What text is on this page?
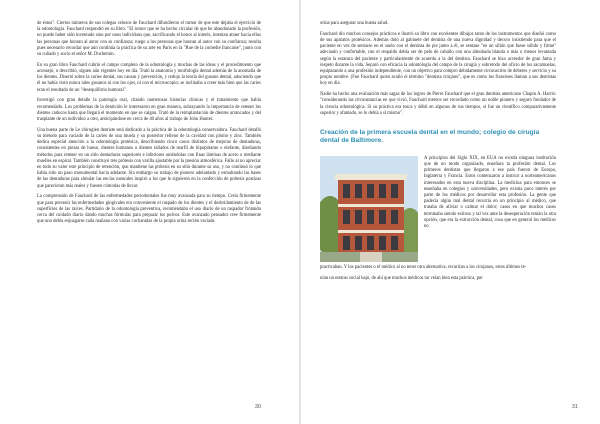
de éstos". Ciertos números de sus colegas celosos de Fauchard difundieron el rumor de que este dejaba el ejercicio de la odontología. Fauchard respondió en su libro. "El rumor que se ha hecho circular de que he abandonado la profesión, no puede haber sido inventado sino por unos individuos que, sacrificando el honor al interés, intentan atraer hacia ellos las personas que honran al autor con su confianza; ruego a los personas que honran al autor con su confianza; resulta pues necesario recordar que aún continúa la práctica de su arte en París en la "Rue de la comedie francaise", junto con su cuñado y socio el señor M. Duchemin.

En su gran libro Fauchard cubrió el campo completo de la odontología y muchas de las ideas y el procedimiento que aconsejó, o describió, siguen aún vigentes hoy en día. Trató la anatomía y morfología dental además de la anomalía de los dientes. Disertó sobre la caries dental, sus causas y prevención, y redujo la teoría del gusano dental, aduciendo que él no había visto nunca tales gusanos ni con los ojos, ni con el microscopio; se inclinaba a creer más bien que las caries eran el resultado de un "desequilibrio humoral".

Investigó con gran detalle la patología oral, citando numerosas historias clínicas y el tratamiento que había recomendado. Los problemas de la dentición le interesaron en gran manera, subrayando la importancia de retener los dientes caducos hasta que llegará el momento en que se caigan. Trató de la reimplantación de dientes arrancados y del trasplante de un individuo a otro, anticipándose en cerca de 40 años al trabajo de John Hunter.

Una buena parte de Le chirugien dentiste está dedicado a la práctica de la odontología conservadora. Fauchard detalló su método para vaciado de la caries de una muela y su posterior relleno de la cavidad con plomo y zinc. También dedica especial atención a la odontología protésica, describiendo cinco casos distintos de mejoras de dentaduras, consistentes en piezas de hueso, dientes humanos o dientes tallados de marfil de hipopótamo o elefante, diseñando métodos para retener en un sitio dentaduras superiores e inferiores uniéndolas con finas láminas de acero o mediante muelles en espiral. También construyó tres prótesis con varilla ajustable por la presión atmosférica. Fallo al no apreciar en todo su valor este principio de retención, que mantiene las prótesis en su sitio durante su uso, y no continuó lo que había sido un paso monumental hacia adelante. Sin embargo su trabajo de pionero adelantado y esmaltando las bases de las dentaduras para simular las encías naturales inspiró a los que le siguieron en la confección de prótesis postizas que parecieran más reales y fuesen cómodas de llevar.

La comprensión de Fauchard de las enfermedades periodontales fue muy avanzada para su tiempo. Creía firmemente que para prevenir las enfermedades gingivales era conveniente el raspado de los dientes y el desbridamiento de de las superficies de las raíces. Partidario de la odontología preventiva, recomendaba el uso diario de un raspador frotando cerca del cuidado diario dando muchas fórmulas para preparar los polvos. Este avanzado pensador cree firmemente que uno debía enjuagarse cada mañana con varias cucharadas de la propia orina recién vaciada

30

orina para asegurar una buena salud.

Fauchard dio muchos consejos prácticos e ilustró su libro con excelentes dibujos tanto de los instrumentos que diseñó como de sus aparatos protésicos. Además dotó al gabinete del dentista de una nueva dignidad y decoro insistiendo para que el paciente en vez de sentarse en el suelo con el dentista de pie junto a él, se sentase "en un sillón que fuese sólido y firme" adecuado y confortable, con el respaldo debía ser de pelo de caballo con una almohada blanda o más o menos levantada según la estatura del paciente y particularmente de acuerdo a la del dentista. Fauchard se hizo acreedor de gran fama y respeto durante la vida. Separó con eficacia la odontología del campo de la cirugía y sobretodo del oficio de los sacamuelas, equiparando a una profesión independiente, con un objetivo para compro debidamente circunscrito de deberes y servicio y su propio nombre. (Fue Fauchard quien acuñó el término "dentista cirujano", que es como los franceses llaman a sus dentistas hoy en día.

Nadie ha hecho una evaluación más sagaz de los logros de Pierre Fauchard que el gran dentista americano Chapin A. Harris: "considerando las circunstancias en que vivió, Fauchard merece ser recordado como un noble pionero y seguro fundador de la ciencia odontológica. Si su práctica era tosca y débil en algunos de sus tiempos, si fue un científico comparativamente superior y afamado, se lo debía a sí mismo".

Creación de la primera escuela dental en el mundo; colegio de cirugía dental de Baltimore.

A principios del Siglo XIX, en EUA no existía ninguna institución que de un modo organizado, enseñara la profesión dental. Los primeros dentistas que llegaron a ese país fueron de Europa, Inglaterra y Francia. Estos comenzaron a instruir a norteamericanos interesados en esta nueva disciplina. La medicina para entonces se enseñaba en colegios y universidades, pero existía poco interés por parte de los médicos por desarrollar esta profesión. La gente que padecía algún mal dental recurría en un principio al médico, que trataba de aliviar o calmar el dolor; casos en que muchos casos terminaba siendo exitoso y tal vez ante la desesperación tenían la otra opción, que era la extracción dental, cosa que en general los médicos no

practicaban. Y los pacientes o el médico al no tener otra alternativa, recurrían a los cirujanos, estos últimos te-

nían un estatus social bajo, de ahí que muchos médicos no veían bien esta práctica, por

31
